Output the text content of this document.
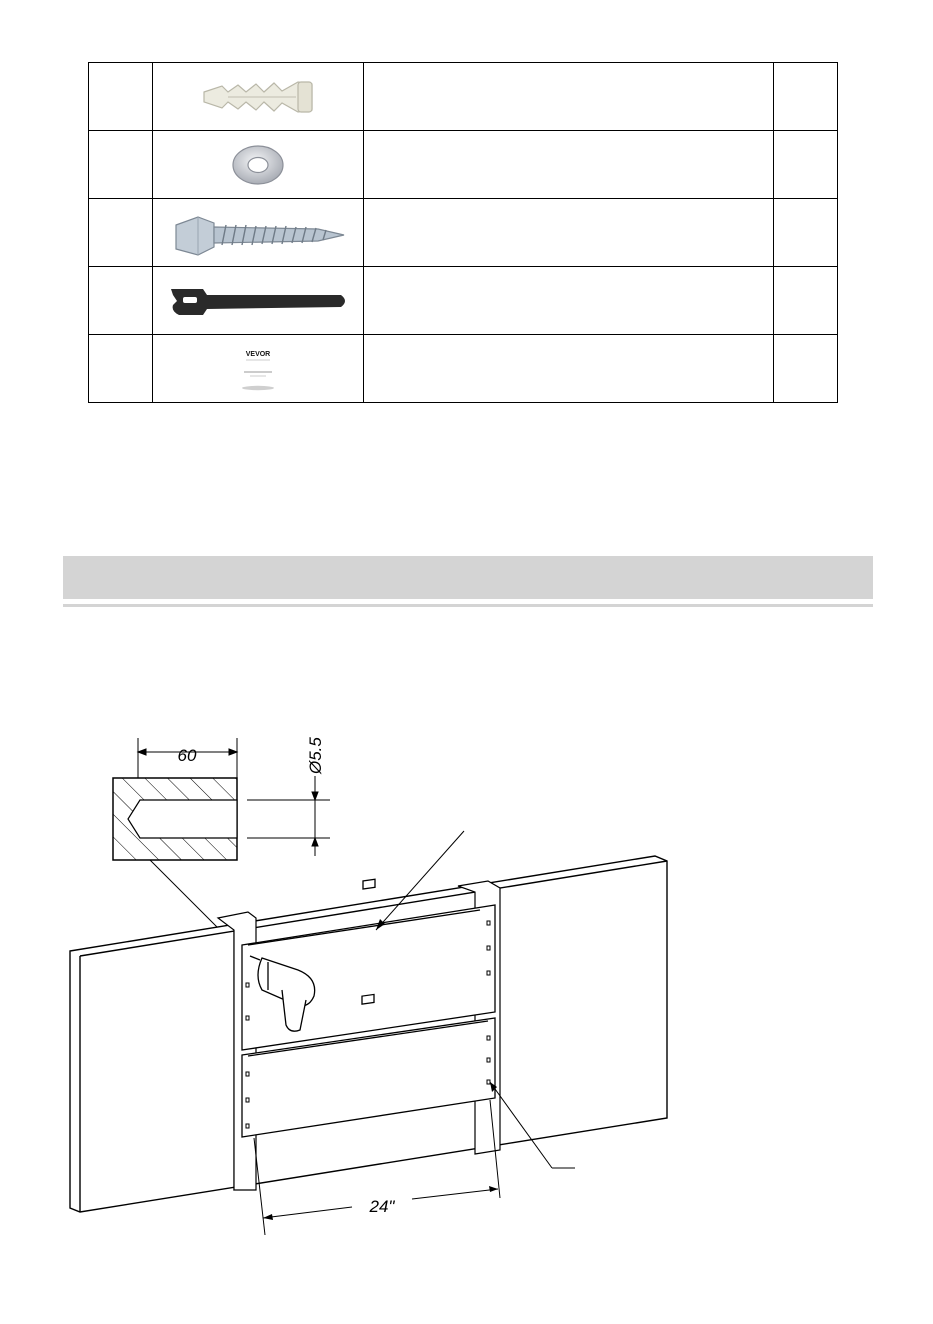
VEVOR		

60	Ø5.5
24"
